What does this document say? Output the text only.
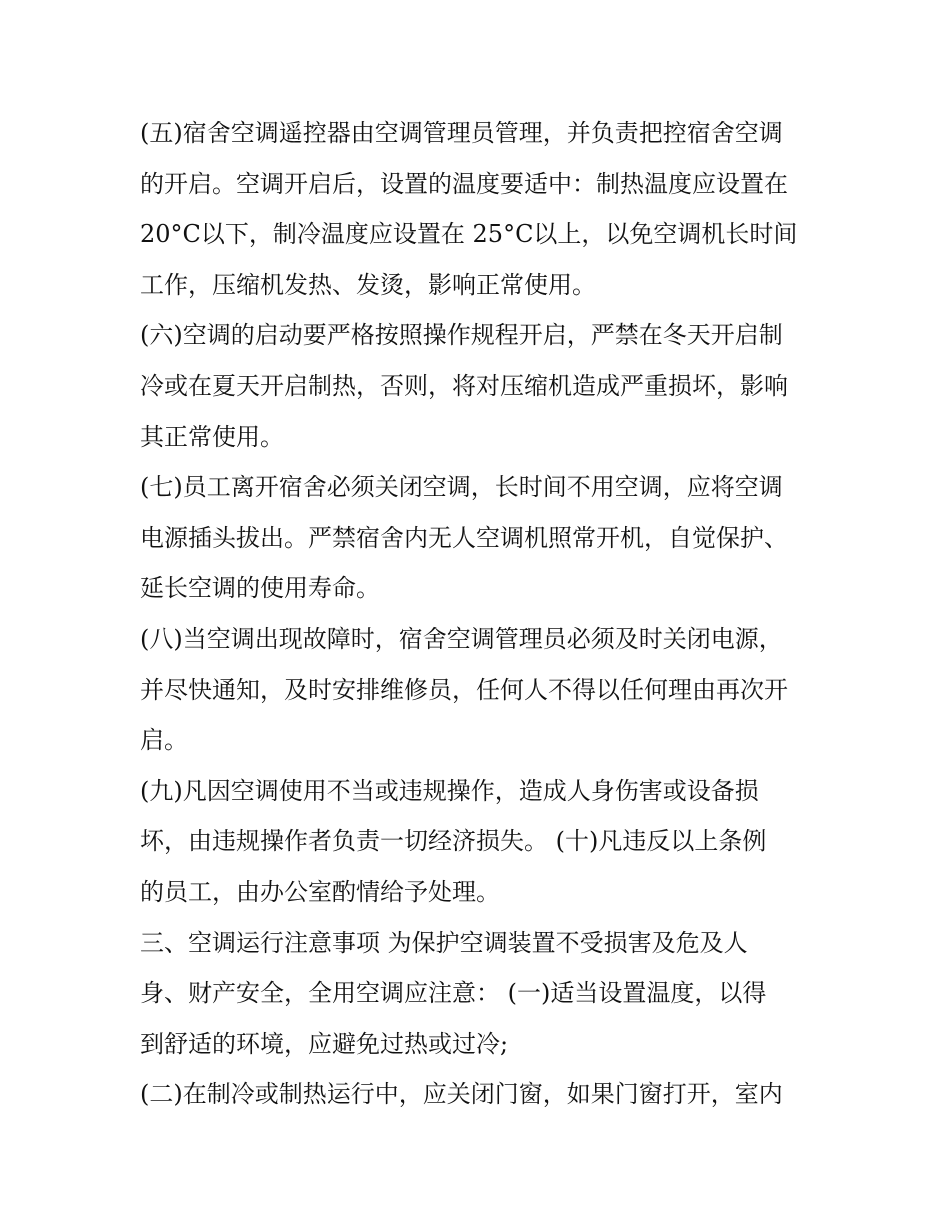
(五)宿舍空调遥控器由空调管理员管理，并负责把控宿舍空调
的开启。空调开启后，设置的温度要适中：制热温度应设置在
20°C以下，制冷温度应设置在 25°C以上，以免空调机长时间
工作，压缩机发热、发烫，影响正常使用。
(六)空调的启动要严格按照操作规程开启，严禁在冬天开启制
冷或在夏天开启制热，否则，将对压缩机造成严重损坏，影响
其正常使用。
(七)员工离开宿舍必须关闭空调，长时间不用空调，应将空调
电源插头拔出。严禁宿舍内无人空调机照常开机，自觉保护、
延长空调的使用寿命。
(八)当空调出现故障时，宿舍空调管理员必须及时关闭电源，
并尽快通知，及时安排维修员，任何人不得以任何理由再次开
启。
(九)凡因空调使用不当或违规操作，造成人身伤害或设备损
坏，由违规操作者负责一切经济损失。 (十)凡违反以上条例
的员工，由办公室酌情给予处理。
三、空调运行注意事项 为保护空调装置不受损害及危及人
身、财产安全，全用空调应注意： (一)适当设置温度，以得
到舒适的环境，应避免过热或过冷;
(二)在制冷或制热运行中，应关闭门窗，如果门窗打开，室内
